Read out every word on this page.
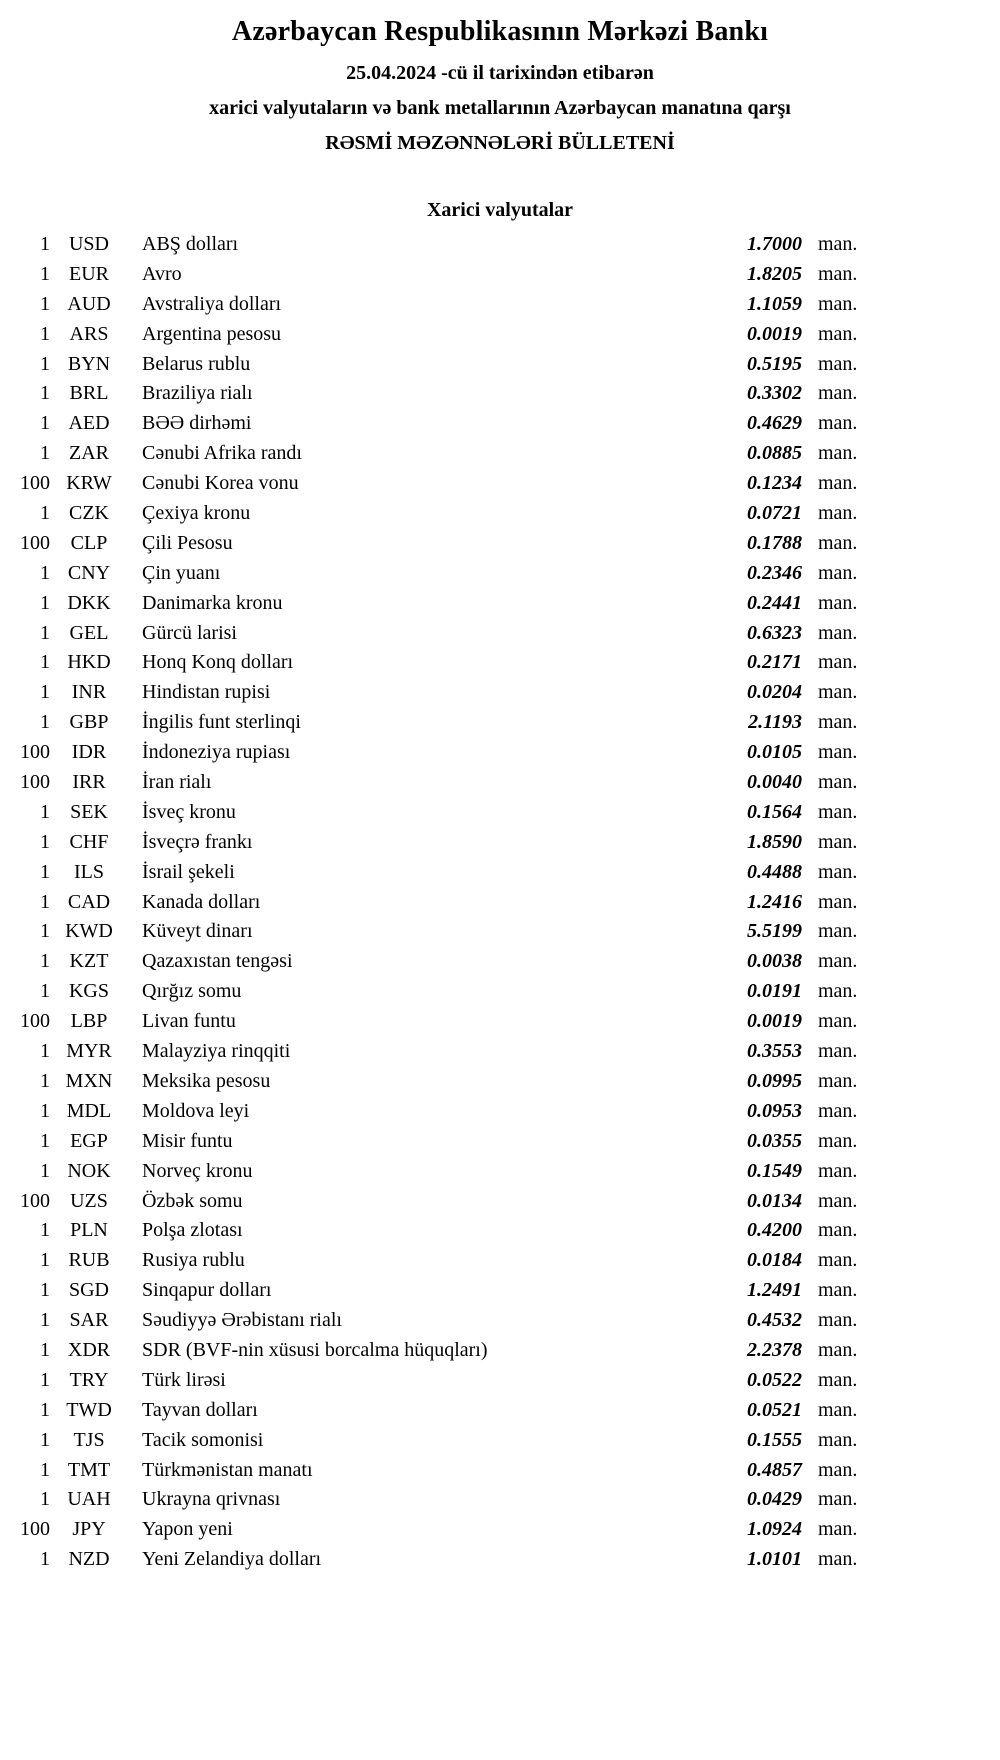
Azərbaycan Respublikasının Mərkəzi Bankı
25.04.2024 -cü il tarixindən etibarən
xarici valyutaların və bank metallarının Azərbaycan manatına qarşı
RƏSMİ MƏZƏNNƏLƏRİ BÜLLETENİ
Xarici valyutalar
1 USD	ABŞ dolları	1.7000 man.
1 EUR	Avro	1.8205 man.
1 AUD	Avstraliya dolları	1.1059 man.
1 ARS	Argentina pesosu	0.0019 man.
1 BYN	Belarus rublu	0.5195 man.
1 BRL	Braziliya rialı	0.3302 man.
1 AED	BƏƏ dirhəmi	0.4629 man.
1 ZAR	Cənubi Afrika randı	0.0885 man.
100 KRW	Cənubi Korea vonu	0.1234 man.
1 CZK	Çexiya kronu	0.0721 man.
100	CLP	Çili Pesosu	0.1788 man.
1 CNY	Çin yuanı	0.2346 man.
1 DKK	Danimarka kronu	0.2441 man.
1 GEL	Gürcü larisi	0.6323 man.
1 HKD	Honq Konq dolları	0.2171 man.
1	INR	Hindistan rupisi	0.0204 man.
1 GBP	İngilis funt sterlinqi	2.1193 man.
100	IDR	İndoneziya rupiası	0.0105 man.
100	IRR	İran rialı	0.0040 man.
1	SEK	İsveç kronu	0.1564 man.
1 CHF	İsveçrə frankı	1.8590 man.
1	ILS	İsrail şekeli	0.4488 man.
1 CAD	Kanada dolları	1.2416 man.
1 KWD	Küveyt dinarı	5.5199 man.
1 KZT	Qazaxıstan tengəsi	0.0038 man.
1 KGS	Qırğız somu	0.0191 man.
100	LBP	Livan funtu	0.0019 man.
1 MYR	Malayziya rinqqiti	0.3553 man.
1 MXN	Meksika pesosu	0.0995 man.
1 MDL	Moldova leyi	0.0953 man.
1	EGP	Misir funtu	0.0355 man.
1 NOK	Norveç kronu	0.1549 man.
100	UZS	Özbək somu	0.0134 man.
1	PLN	Polşa zlotası	0.4200 man.
1 RUB	Rusiya rublu	0.0184 man.
1 SGD	Sinqapur dolları	1.2491 man.
1 SAR	Səudiyyə Ərəbistanı rialı	0.4532 man.
1 XDR	SDR (BVF-nin xüsusi borcalma hüquqları)	2.2378 man.
1 TRY	Türk lirəsi	0.0522 man.
1 TWD	Tayvan dolları	0.0521 man.
1	TJS	Tacik somonisi	0.1555 man.
1 TMT	Türkmənistan manatı	0.4857 man.
1 UAH	Ukrayna qrivnası	0.0429 man.
100	JPY	Yapon yeni	1.0924 man.
1 NZD	Yeni Zelandiya dolları	1.0101 man.
